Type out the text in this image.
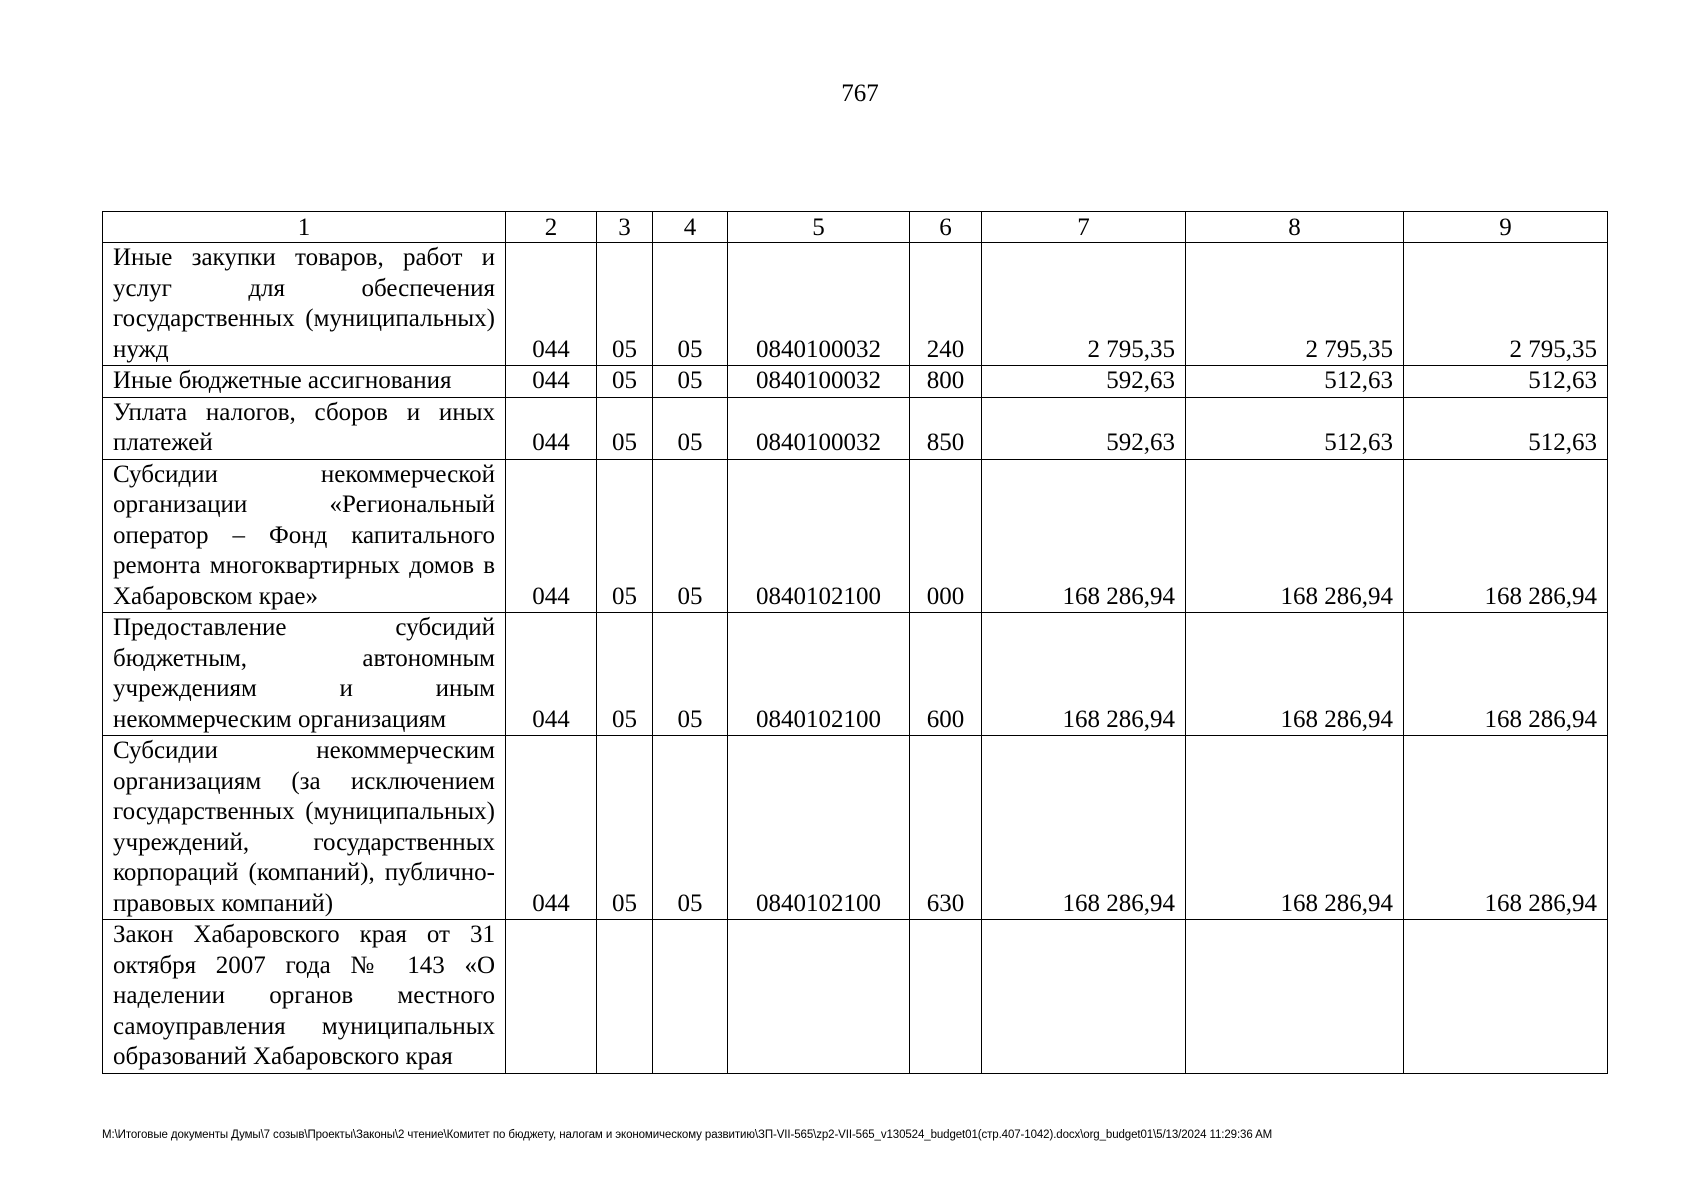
767
1	2	3	4	5	6	7	8	9
Иные закупки товаров, работ и услуг для обеспечения государственных (муниципальных) нужд	044	05	05	0840100032	240	2 795,35	2 795,35	2 795,35
Иные бюджетные ассигнования	044	05	05	0840100032	800	592,63	512,63	512,63
Уплата налогов, сборов и иных платежей	044	05	05	0840100032	850	592,63	512,63	512,63
Субсидии некоммерческой организации «Региональный оператор – Фонд капитального ремонта многоквартирных домов в Хабаровском крае»	044	05	05	0840102100	000	168 286,94	168 286,94	168 286,94
Предоставление субсидий бюджетным, автономным учреждениям и иным некоммерческим организациям	044	05	05	0840102100	600	168 286,94	168 286,94	168 286,94
Субсидии некоммерческим организациям (за исключением государственных (муниципальных) учреждений, государственных корпораций (компаний), публично-правовых компаний)	044	05	05	0840102100	630	168 286,94	168 286,94	168 286,94
Закон Хабаровского края от 31 октября 2007 года № 143 «О наделении органов местного самоуправления муниципальных образований Хабаровского края								
M:\Итоговые документы Думы\7 созыв\Проекты\Законы\2 чтение\Комитет по бюджету, налогам и экономическому развитию\ЗП-VII-565\zp2-VII-565_v130524_budget01(стр.407-1042).docx\org_budget01\5/13/2024 11:29:36 AM
